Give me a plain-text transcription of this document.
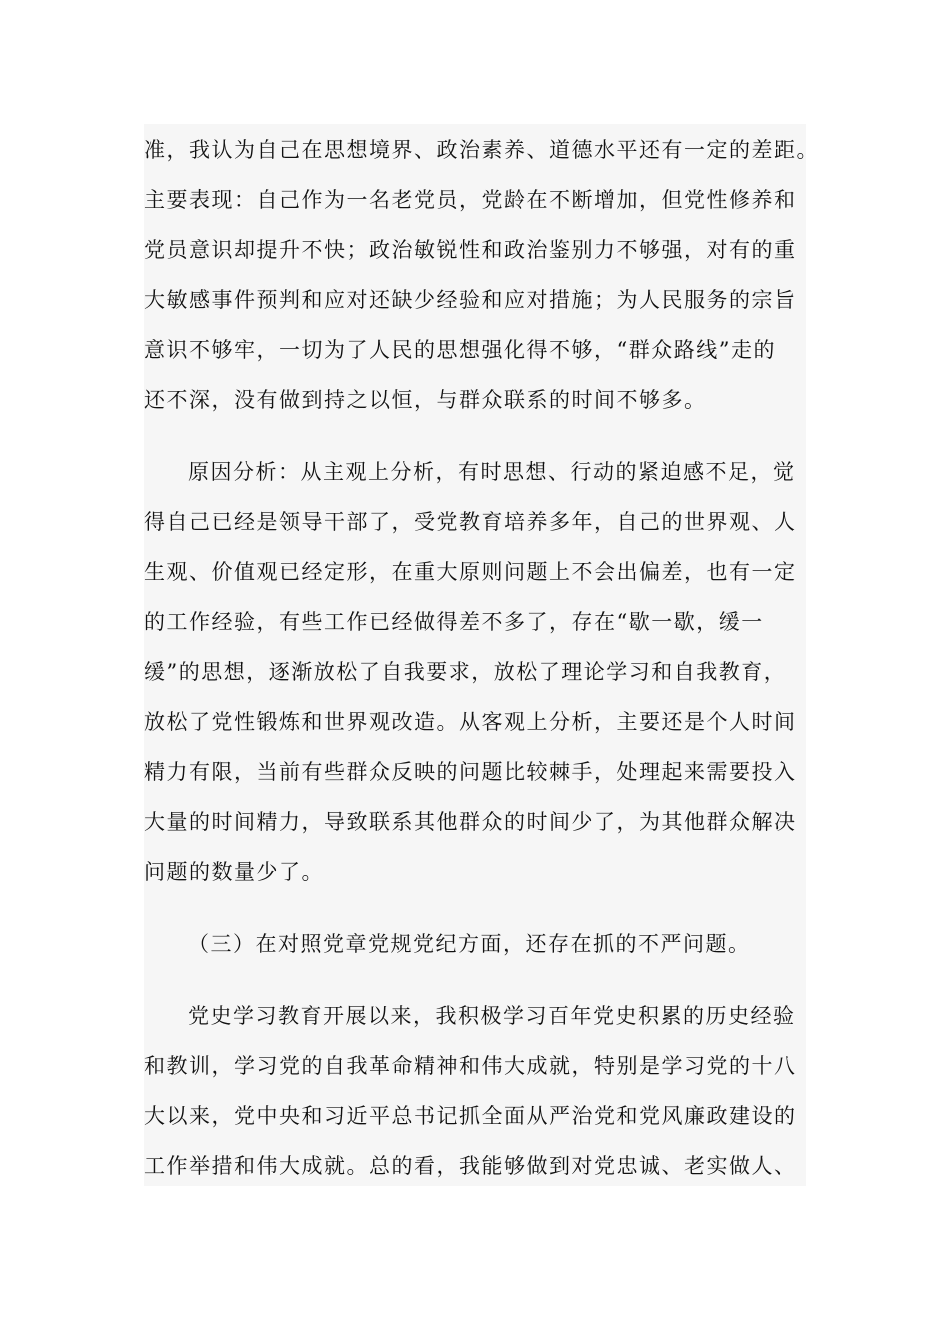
准，我认为自己在思想境界、政治素养、道德水平还有一定的差距。
主要表现：自己作为一名老党员，党龄在不断增加，但党性修养和
党员意识却提升不快；政治敏锐性和政治鉴别力不够强，对有的重
大敏感事件预判和应对还缺少经验和应对措施；为人民服务的宗旨
意识不够牢，一切为了人民的思想强化得不够，“群众路线”走的
还不深，没有做到持之以恒，与群众联系的时间不够多。
原因分析：从主观上分析，有时思想、行动的紧迫感不足，觉
得自己已经是领导干部了，受党教育培养多年，自己的世界观、人
生观、价值观已经定形，在重大原则问题上不会出偏差，也有一定
的工作经验，有些工作已经做得差不多了，存在“歇一歇，缓一
缓”的思想，逐渐放松了自我要求，放松了理论学习和自我教育，
放松了党性锻炼和世界观改造。从客观上分析，主要还是个人时间
精力有限，当前有些群众反映的问题比较棘手，处理起来需要投入
大量的时间精力，导致联系其他群众的时间少了，为其他群众解决
问题的数量少了。
（三）在对照党章党规党纪方面，还存在抓的不严问题。
党史学习教育开展以来，我积极学习百年党史积累的历史经验
和教训，学习党的自我革命精神和伟大成就，特别是学习党的十八
大以来，党中央和习近平总书记抓全面从严治党和党风廉政建设的
工作举措和伟大成就。总的看，我能够做到对党忠诚、老实做人、
